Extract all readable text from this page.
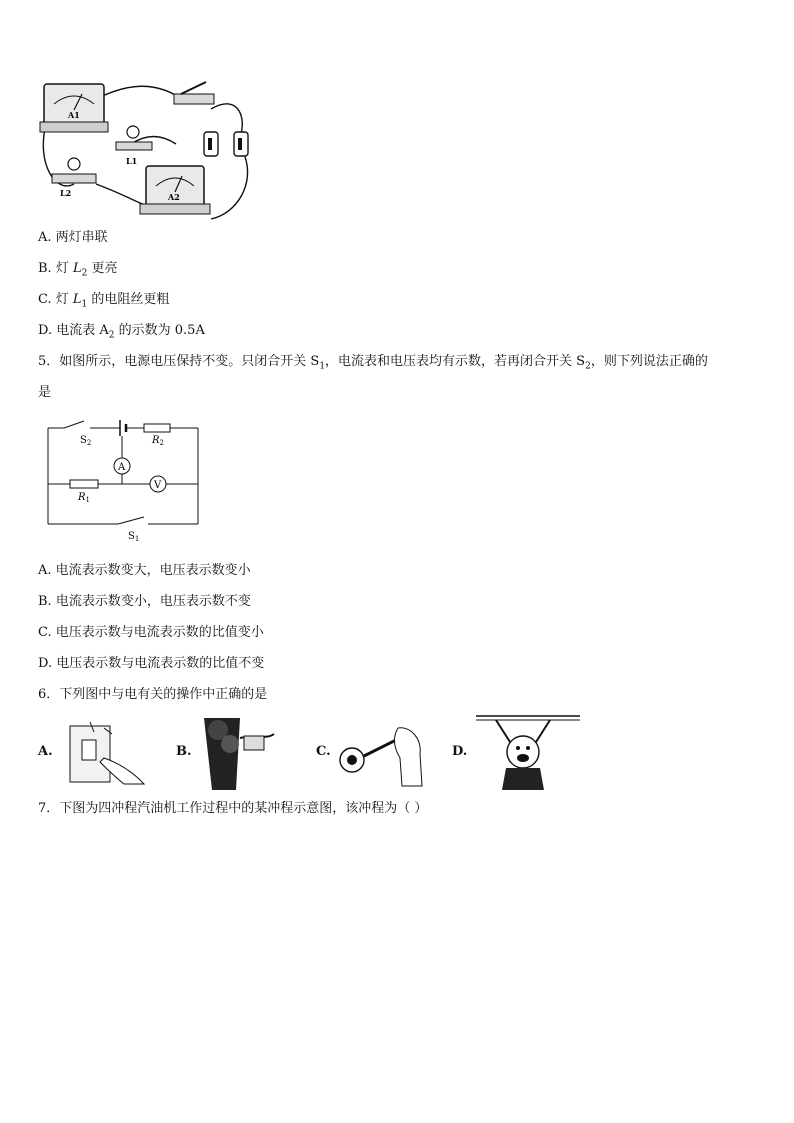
A1
L1
L2	A2
A. 两灯串联
B. 灯 $L_2$ 更亮
C. 灯 $L_1$ 的电阻丝更粗
D. 电流表 $A_2$ 的示数为 0.5A
5．如图所示，电源电压保持不变。只闭合开关 $S_1$，电流表和电压表均有示数，若再闭合开关 $S_2$，则下列说法正确的
是
A
V
$S_2$	$R_2$
$R_1$
$S_1$
A. 电流表示数变大，电压表示数变小
B. 电流表示数变小，电压表示数不变
C. 电压表示数与电流表示数的比值变小
D. 电压表示数与电流表示数的比值不变
6．下列图中与电有关的操作中正确的是
A.	B.	C.	D.
7．下图为四冲程汽油机工作过程中的某冲程示意图，该冲程为（ ）
